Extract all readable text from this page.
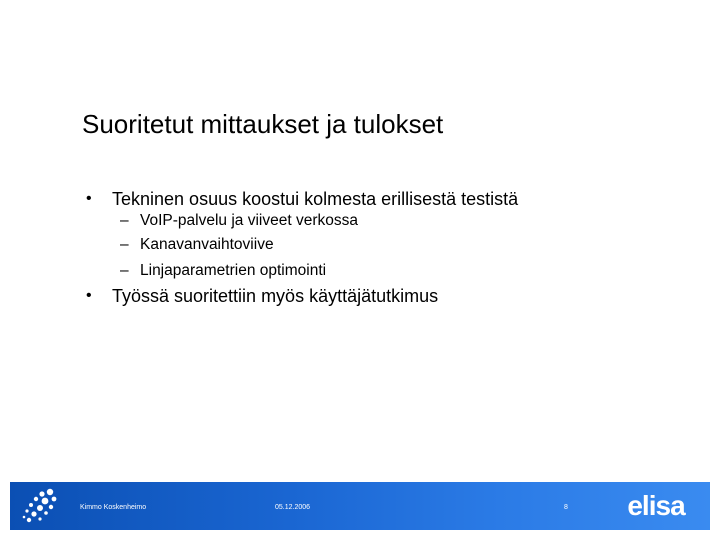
Suoritetut mittaukset ja tulokset
• Tekninen osuus koostui kolmesta erillisestä testistä
– VoIP-palvelu ja viiveet verkossa
– Kanavanvaihtoviive
– Linjaparametrien optimointi
• Työssä suoritettiin myös käyttäjätutkimus
Kimmo Koskenheimo	05.12.2006	8 elisa
